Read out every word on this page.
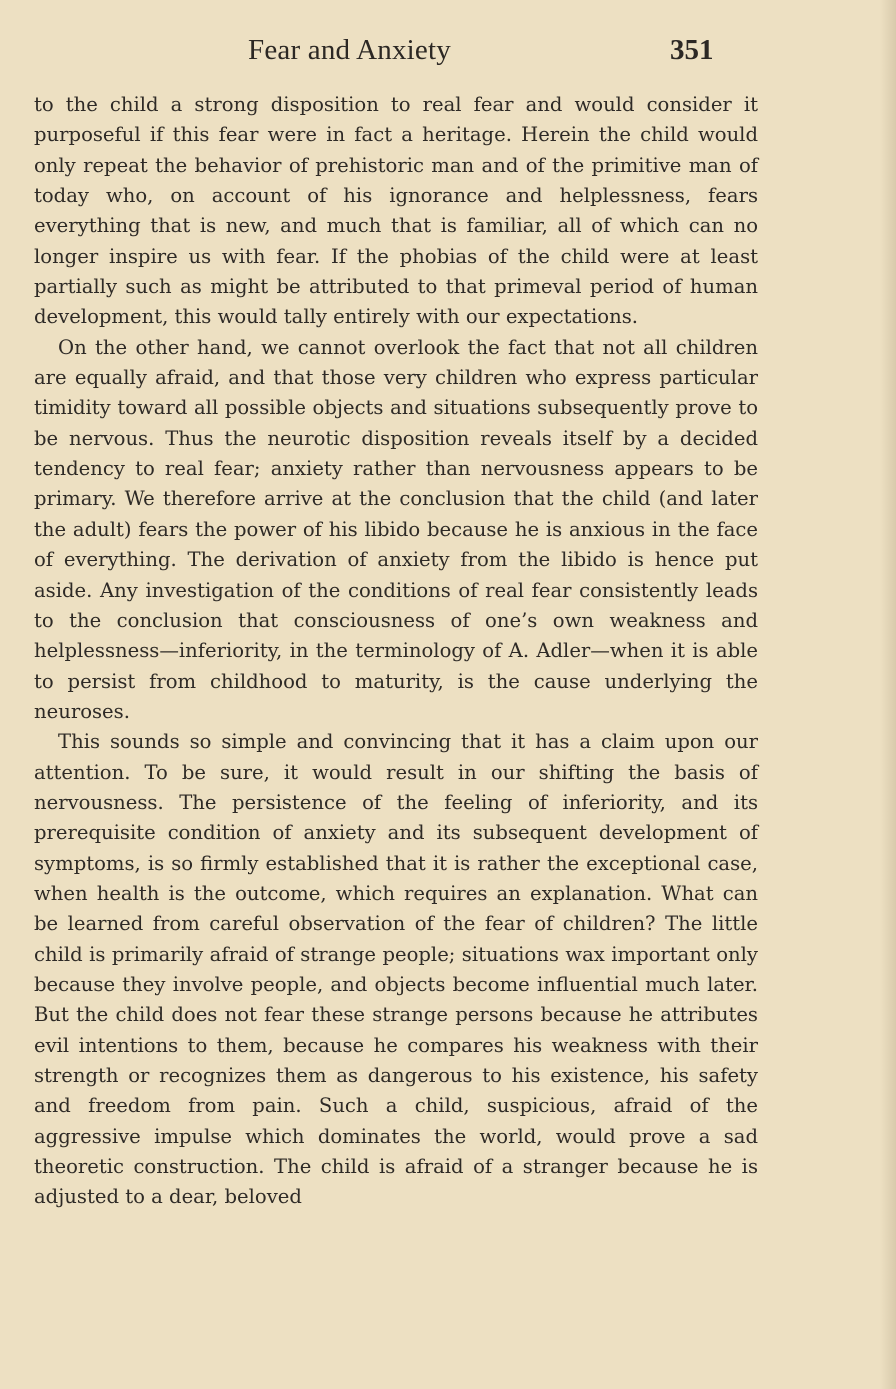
Fear and Anxiety	351

to the child a strong disposition to real fear and would consider it purposeful if this fear were in fact a heritage. Herein the child would only repeat the behavior of prehistoric man and of the primitive man of today who, on account of his ignorance and helplessness, fears everything that is new, and much that is familiar, all of which can no longer inspire us with fear. If the phobias of the child were at least partially such as might be attributed to that primeval period of human development, this would tally entirely with our expectations.

On the other hand, we cannot overlook the fact that not all children are equally afraid, and that those very children who express particular timidity toward all possible objects and situations subsequently prove to be nervous. Thus the neurotic disposition reveals itself by a decided tendency to real fear; anxiety rather than nervousness appears to be primary. We therefore arrive at the conclusion that the child (and later the adult) fears the power of his libido because he is anxious in the face of everything. The derivation of anxiety from the libido is hence put aside. Any investigation of the conditions of real fear consistently leads to the conclusion that consciousness of one’s own weakness and helplessness—inferiority, in the terminology of A. Adler—when it is able to persist from childhood to maturity, is the cause underlying the neuroses.

This sounds so simple and convincing that it has a claim upon our attention. To be sure, it would result in our shifting the basis of nervousness. The persistence of the feeling of inferiority, and its prerequisite condition of anxiety and its subsequent development of symptoms, is so firmly established that it is rather the exceptional case, when health is the outcome, which requires an explanation. What can be learned from careful observation of the fear of children? The little child is primarily afraid of strange people; situations wax important only because they involve people, and objects become influential much later. But the child does not fear these strange persons because he attributes evil intentions to them, because he compares his weakness with their strength or recognizes them as dangerous to his existence, his safety and freedom from pain. Such a child, suspicious, afraid of the aggressive impulse which dominates the world, would prove a sad theoretic construction. The child is afraid of a stranger because he is adjusted to a dear, beloved
